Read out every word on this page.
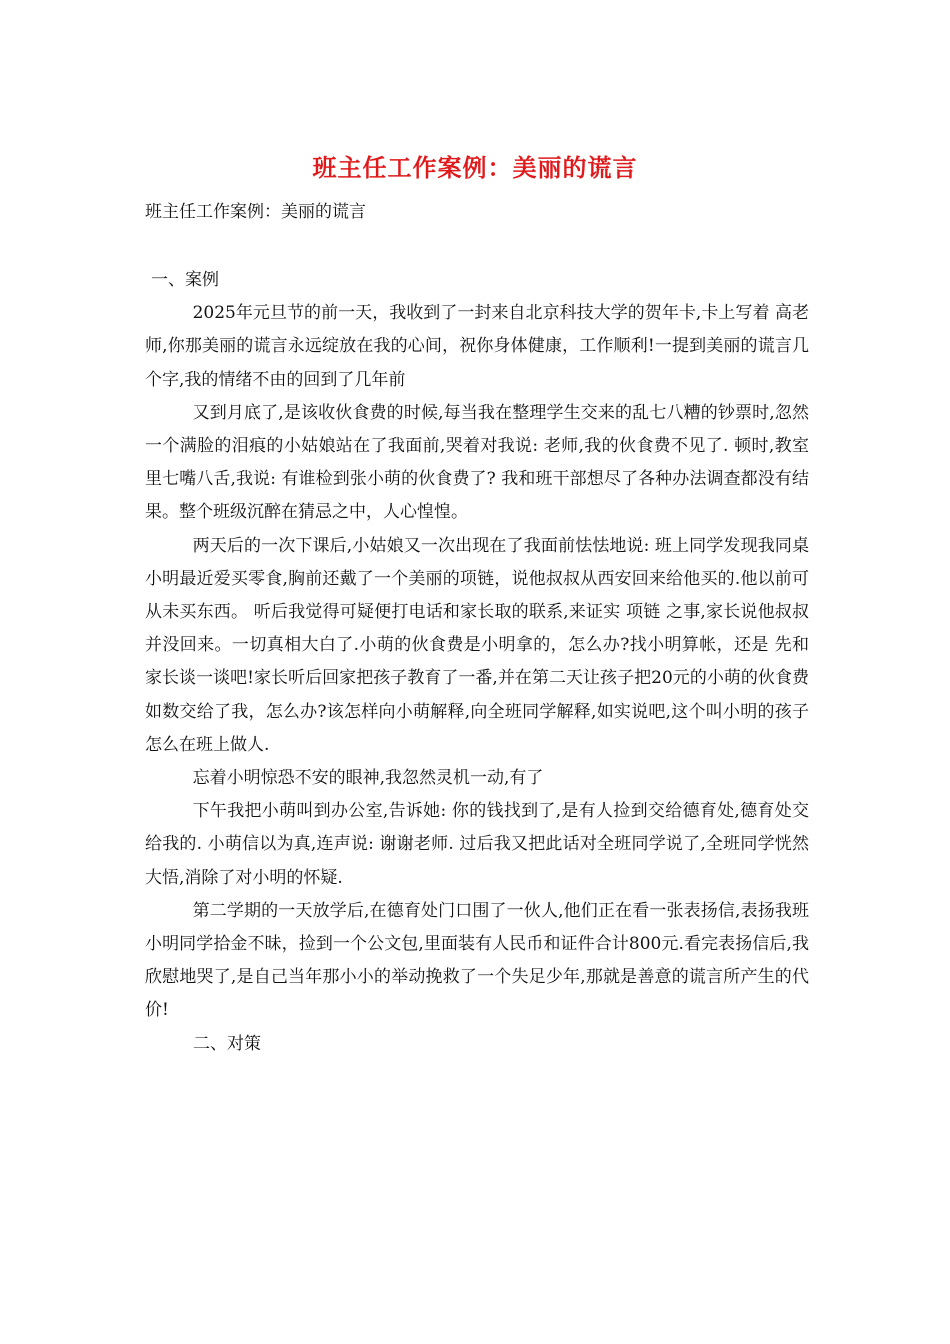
班主任工作案例：美丽的谎言

班主任工作案例：美丽的谎言

一、案例

2025年元旦节的前一天，我收到了一封来自北京科技大学的贺年卡,卡上写着 高老师,你那美丽的谎言永远绽放在我的心间，祝你身体健康，工作顺利!一提到美丽的谎言几个字,我的情绪不由的回到了几年前

又到月底了,是该收伙食费的时候,每当我在整理学生交来的乱七八糟的钞票时,忽然一个满脸的泪痕的小姑娘站在了我面前,哭着对我说: 老师,我的伙食费不见了. 顿时,教室里七嘴八舌,我说: 有谁检到张小萌的伙食费了? 我和班干部想尽了各种办法调查都没有结果。整个班级沉醉在猜忌之中，人心惶惶。

两天后的一次下课后,小姑娘又一次出现在了我面前怯怯地说: 班上同学发现我同桌小明最近爱买零食,胸前还戴了一个美丽的项链，说他叔叔从西安回来给他买的.他以前可从未买东西。 听后我觉得可疑便打电话和家长取的联系,来证实 项链 之事,家长说他叔叔并没回来。一切真相大白了.小萌的伙食费是小明拿的，怎么办?找小明算帐，还是 先和家长谈一谈吧!家长听后回家把孩子教育了一番,并在第二天让孩子把20元的小萌的伙食费如数交给了我，怎么办?该怎样向小萌解释,向全班同学解释,如实说吧,这个叫小明的孩子怎么在班上做人.

忘着小明惊恐不安的眼神,我忽然灵机一动,有了

下午我把小萌叫到办公室,告诉她: 你的钱找到了,是有人捡到交给德育处,德育处交给我的. 小萌信以为真,连声说: 谢谢老师. 过后我又把此话对全班同学说了,全班同学恍然大悟,消除了对小明的怀疑.

第二学期的一天放学后,在德育处门口围了一伙人,他们正在看一张表扬信,表扬我班小明同学拾金不昧，捡到一个公文包,里面装有人民币和证件合计800元.看完表扬信后,我欣慰地哭了,是自己当年那小小的举动挽救了一个失足少年,那就是善意的谎言所产生的代价!

二、对策
